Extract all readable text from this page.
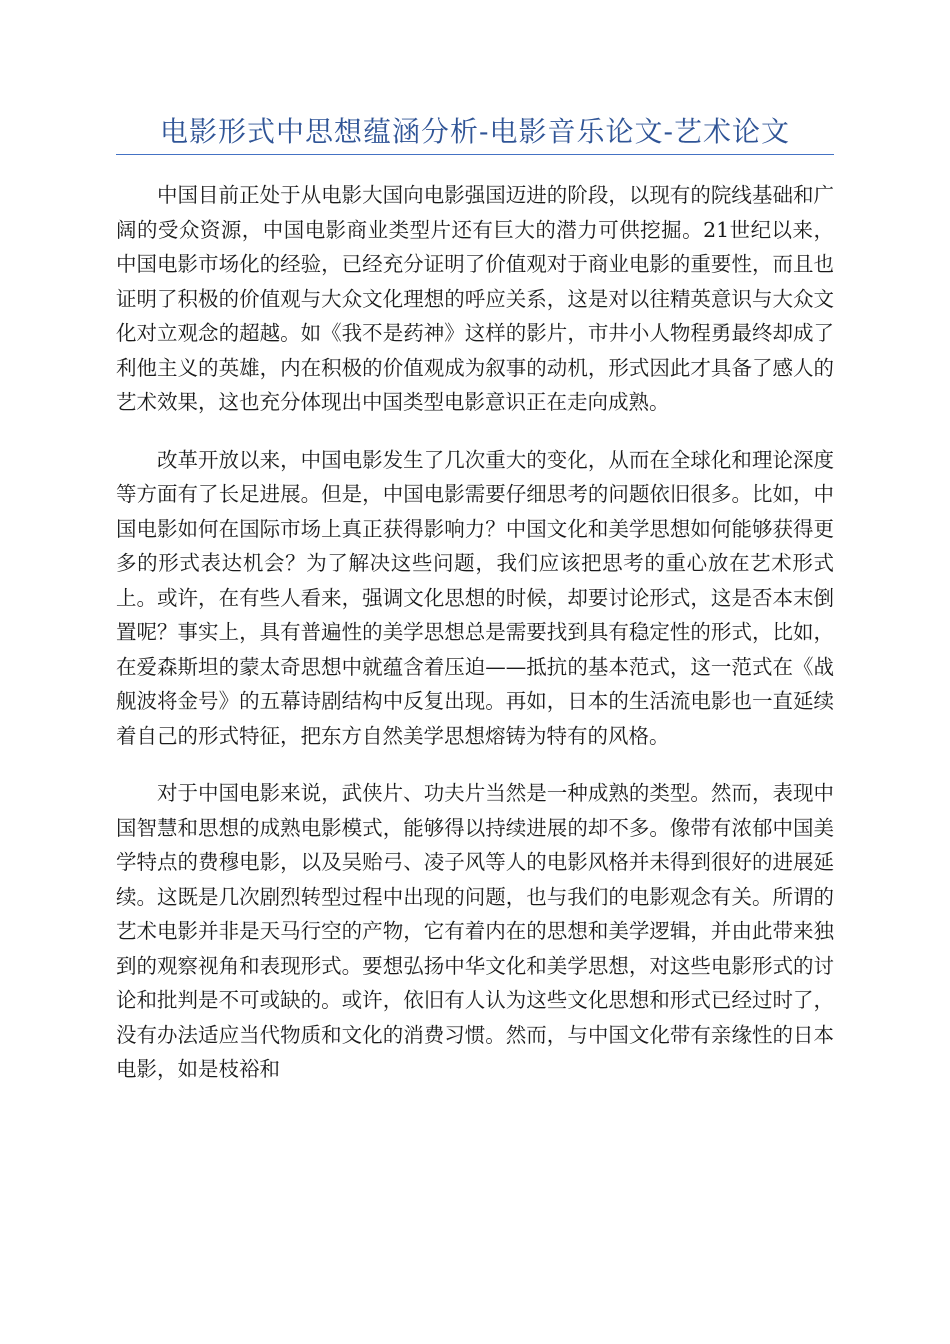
电影形式中思想蕴涵分析-电影音乐论文-艺术论文

中国目前正处于从电影大国向电影强国迈进的阶段，以现有的院线基础和广阔的受众资源，中国电影商业类型片还有巨大的潜力可供挖掘。21世纪以来，中国电影市场化的经验，已经充分证明了价值观对于商业电影的重要性，而且也证明了积极的价值观与大众文化理想的呼应关系，这是对以往精英意识与大众文化对立观念的超越。如《我不是药神》这样的影片，市井小人物程勇最终却成了利他主义的英雄，内在积极的价值观成为叙事的动机，形式因此才具备了感人的艺术效果，这也充分体现出中国类型电影意识正在走向成熟。

改革开放以来，中国电影发生了几次重大的变化，从而在全球化和理论深度等方面有了长足进展。但是，中国电影需要仔细思考的问题依旧很多。比如，中国电影如何在国际市场上真正获得影响力？中国文化和美学思想如何能够获得更多的形式表达机会？为了解决这些问题，我们应该把思考的重心放在艺术形式上。或许，在有些人看来，强调文化思想的时候，却要讨论形式，这是否本末倒置呢？事实上，具有普遍性的美学思想总是需要找到具有稳定性的形式，比如，在爱森斯坦的蒙太奇思想中就蕴含着压迫——抵抗的基本范式，这一范式在《战舰波将金号》的五幕诗剧结构中反复出现。再如，日本的生活流电影也一直延续着自己的形式特征，把东方自然美学思想熔铸为特有的风格。

对于中国电影来说，武侠片、功夫片当然是一种成熟的类型。然而，表现中国智慧和思想的成熟电影模式，能够得以持续进展的却不多。像带有浓郁中国美学特点的费穆电影，以及吴贻弓、凌子风等人的电影风格并未得到很好的进展延续。这既是几次剧烈转型过程中出现的问题，也与我们的电影观念有关。所谓的艺术电影并非是天马行空的产物，它有着内在的思想和美学逻辑，并由此带来独到的观察视角和表现形式。要想弘扬中华文化和美学思想，对这些电影形式的讨论和批判是不可或缺的。或许，依旧有人认为这些文化思想和形式已经过时了，没有办法适应当代物质和文化的消费习惯。然而，与中国文化带有亲缘性的日本电影，如是枝裕和
